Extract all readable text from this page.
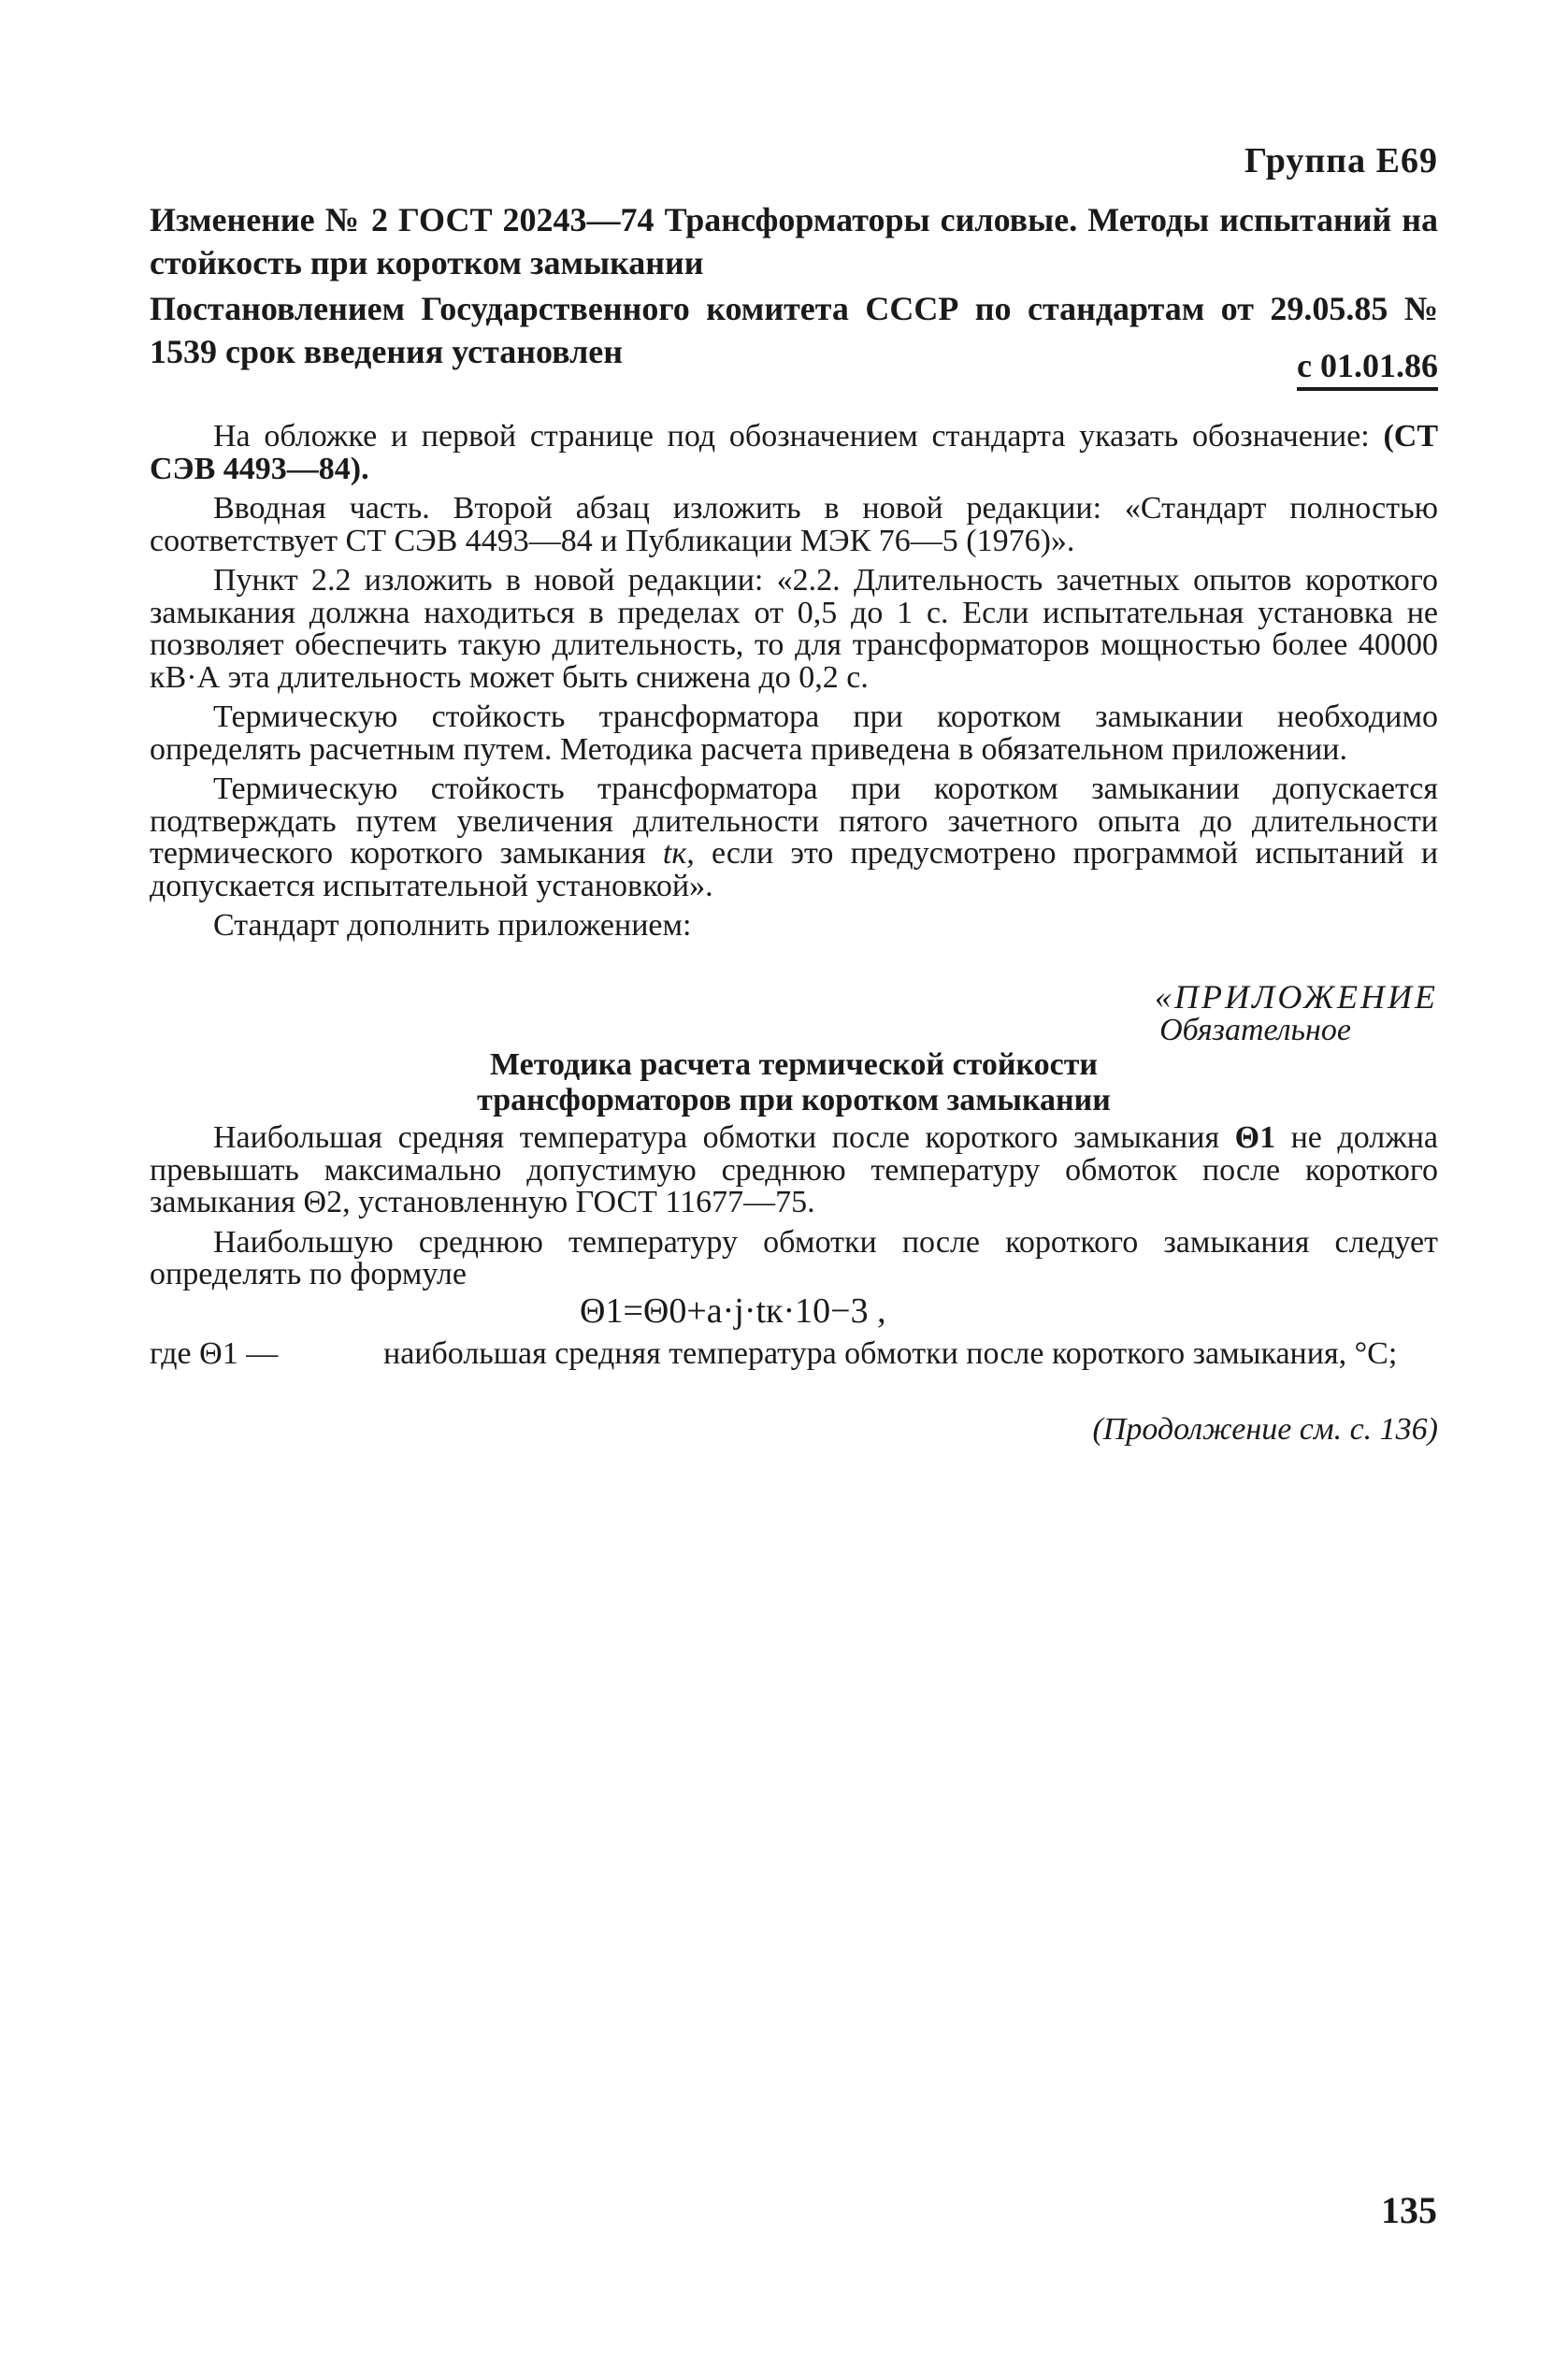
Группа Е69
Изменение № 2 ГОСТ 20243—74 Трансформаторы силовые. Методы испытаний на стойкость при коротком замыкании
Постановлением Государственного комитета СССР по стандартам от 29.05.85 № 1539 срок введения установлен	с 01.01.86

На обложке и первой странице под обозначением стандарта указать обозначение: (СТ СЭВ 4493—84).

Вводная часть. Второй абзац изложить в новой редакции: «Стандарт полностью соответствует СТ СЭВ 4493—84 и Публикации МЭК 76—5 (1976)».

Пункт 2.2 изложить в новой редакции: «2.2. Длительность зачетных опытов короткого замыкания должна находиться в пределах от 0,5 до 1 с. Если испытательная установка не позволяет обеспечить такую длительность, то для трансформаторов мощностью более 40000 кВ·А эта длительность может быть снижена до 0,2 с.

Термическую стойкость трансформатора при коротком замыкании необходимо определять расчетным путем. Методика расчета приведена в обязательном приложении.

Термическую стойкость трансформатора при коротком замыкании допускается подтверждать путем увеличения длительности пятого зачетного опыта до длительности термического короткого замыкания tк, если это предусмотрено программой испытаний и допускается испытательной установкой».

Стандарт дополнить приложением:

«ПРИЛОЖЕНИЕ
Обязательное
Методика расчета термической стойкости
трансформаторов при коротком замыкании

Наибольшая средняя температура обмотки после короткого замыкания Θ1 не должна превышать максимально допустимую среднюю температуру обмоток после короткого замыкания Θ2, установленную ГОСТ 11677—75.

Наибольшую среднюю температуру обмотки после короткого замыкания следует определять по формуле

Θ1=Θ0+a·j·tк·10−3 ,
где Θ1 —	наибольшая средняя температура обмотки после короткого замыкания, °С;
(Продолжение см. с. 136)
135
